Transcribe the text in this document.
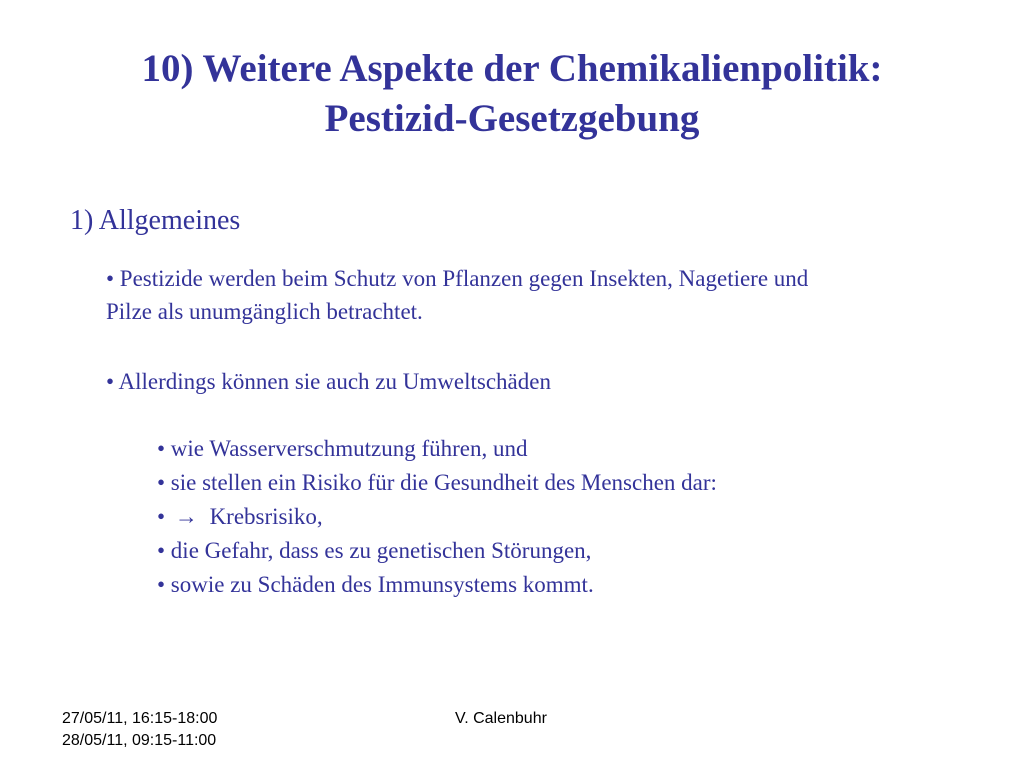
10) Weitere Aspekte der Chemikalienpolitik:
Pestizid-Gesetzgebung
1) Allgemeines
• Pestizide werden beim Schutz von Pflanzen gegen Insekten, Nagetiere und
Pilze als unumgänglich betrachtet.
• Allerdings können sie auch zu Umweltschäden
• wie Wasserverschmutzung führen, und
• sie stellen ein Risiko für die Gesundheit des Menschen dar:
• → Krebsrisiko,
• die Gefahr, dass es zu genetischen Störungen,
• sowie zu Schäden des Immunsystems kommt.
27/05/11, 16:15-18:00
28/05/11, 09:15-11:00
V. Calenbuhr
